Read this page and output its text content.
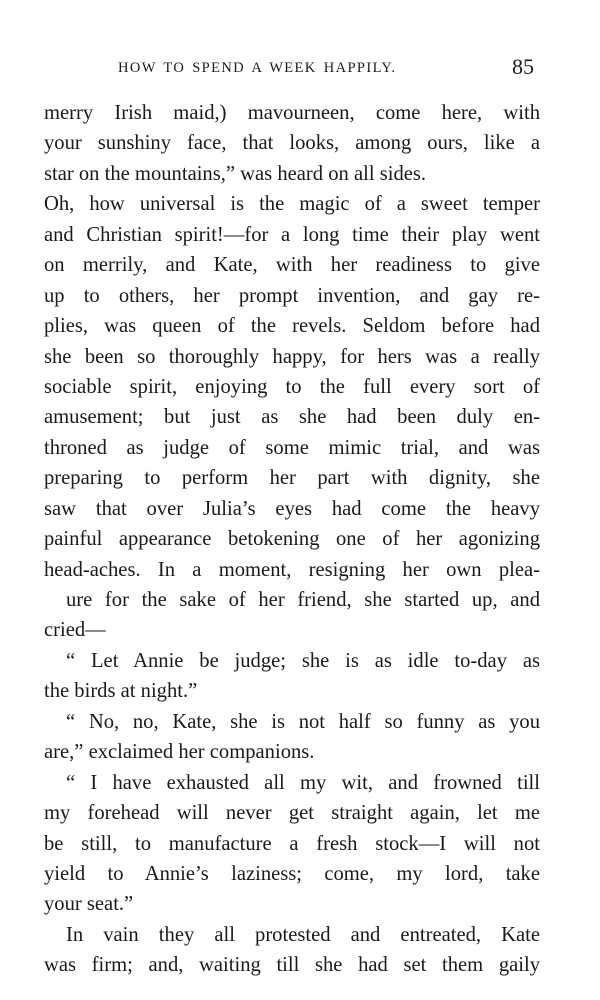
HOW TO SPEND A WEEK HAPPILY.	85
merry Irish maid,) mavourneen, come here, with
your sunshiny face, that looks, among ours, like a
star on the mountains,” was heard on all sides.
Oh, how universal is the magic of a sweet temper
and Christian spirit!—for a long time their play went
on merrily, and Kate, with her readiness to give
up to others, her prompt invention, and gay re-
plies, was queen of the revels. Seldom before had
she been so thoroughly happy, for hers was a really
sociable spirit, enjoying to the full every sort of
amusement; but just as she had been duly en-
throned as judge of some mimic trial, and was
preparing to perform her part with dignity, she
saw that over Julia’s eyes had come the heavy
painful appearance betokening one of her agonizing
head-aches. In a moment, resigning her own plea-
ure for the sake of her friend, she started up, and
cried—
“ Let Annie be judge; she is as idle to-day as
the birds at night.”
“ No, no, Kate, she is not half so funny as you
are,” exclaimed her companions.
“ I have exhausted all my wit, and frowned till
my forehead will never get straight again, let me
be still, to manufacture a fresh stock—I will not
yield to Annie’s laziness; come, my lord, take
your seat.”
In vain they all protested and entreated, Kate
was firm; and, waiting till she had set them gaily
